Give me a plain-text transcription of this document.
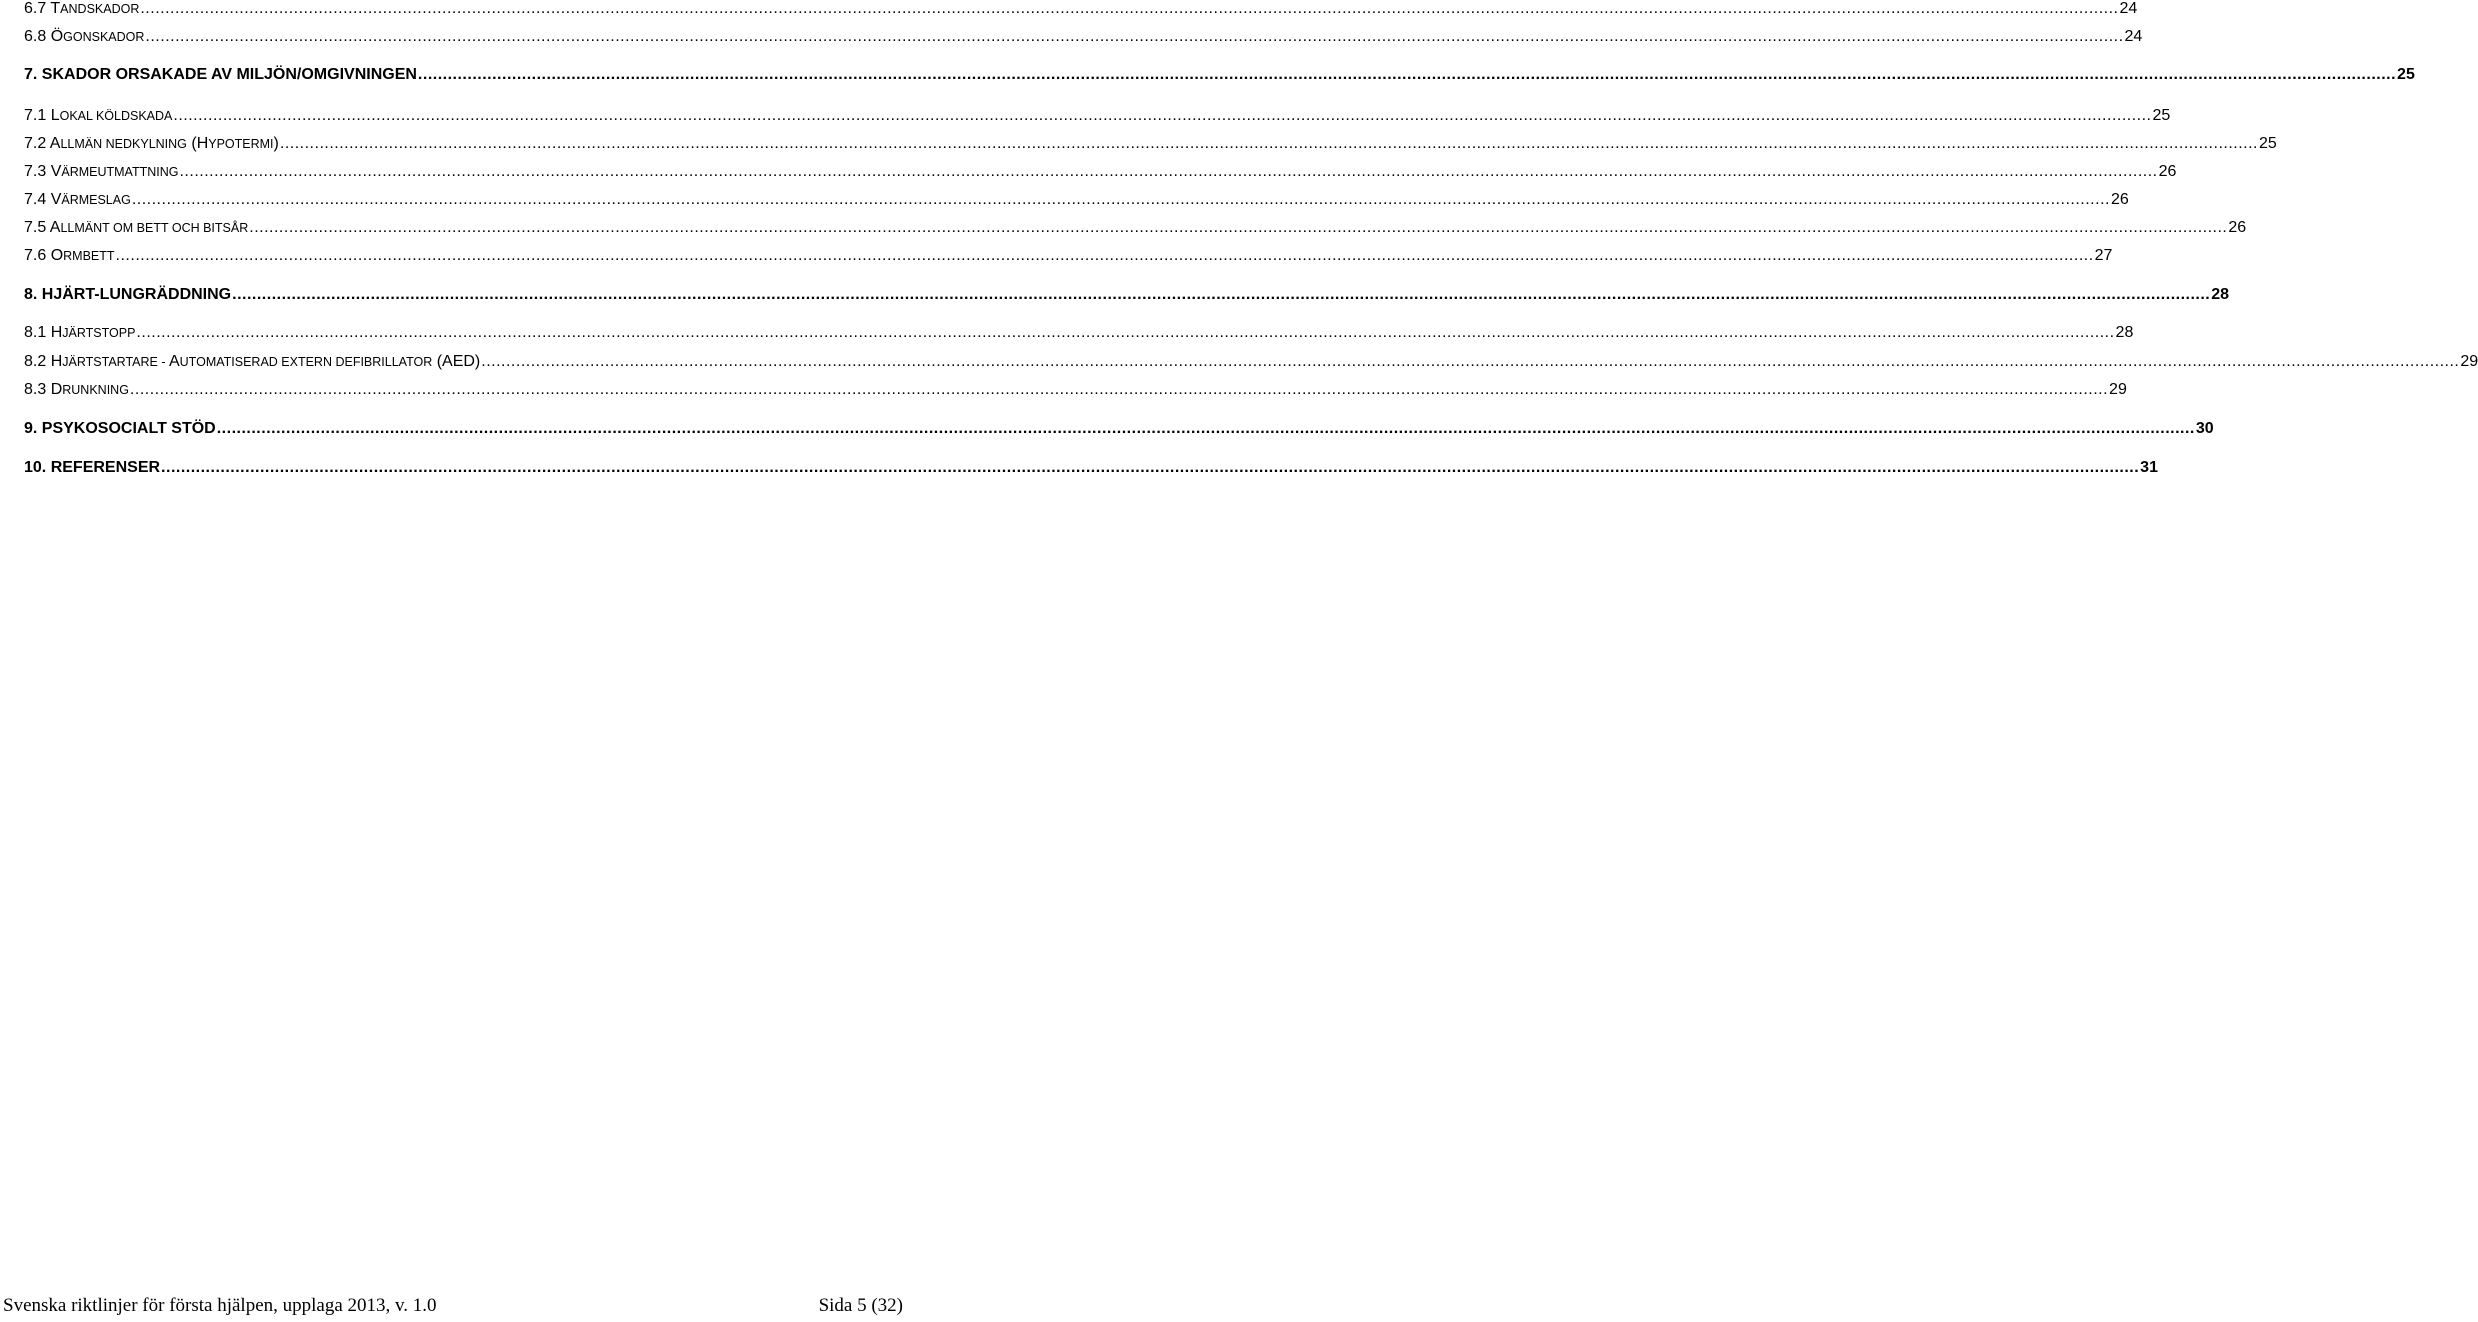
6.7 TANDSKADOR ................................................................................................................................................................................................................................................................................................................................................................................................................ 24
6.8 ÖGONSKADOR ................................................................................................................................................................................................................................................................................................................................................................................................................ 24
7. SKADOR ORSAKADE AV MILJÖN/OMGIVNINGEN ................................................................................................................................................................................................................................................................................................................................................................................................................ 25
7.1 LOKAL KÖLDSKADA ................................................................................................................................................................................................................................................................................................................................................................................................................ 25
7.2 ALLMÄN NEDKYLNING (HYPOTERMI) ................................................................................................................................................................................................................................................................................................................................................................................................................ 25
7.3 VÄRMEUTMATTNING ................................................................................................................................................................................................................................................................................................................................................................................................................ 26
7.4 VÄRMESLAG ................................................................................................................................................................................................................................................................................................................................................................................................................ 26
7.5 ALLMÄNT OM BETT OCH BITSÅR ................................................................................................................................................................................................................................................................................................................................................................................................................ 26
7.6 ORMBETT ................................................................................................................................................................................................................................................................................................................................................................................................................ 27
8. HJÄRT-LUNGRÄDDNING ................................................................................................................................................................................................................................................................................................................................................................................................................ 28
8.1 HJÄRTSTOPP ................................................................................................................................................................................................................................................................................................................................................................................................................ 28
8.2 HJÄRTSTARTARE - AUTOMATISERAD EXTERN DEFIBRILLATOR (AED) ................................................................................................................................................................................................................................................................................................................................................................................................................ 29
8.3 DRUNKNING ................................................................................................................................................................................................................................................................................................................................................................................................................ 29
9. PSYKOSOCIALT STÖD ................................................................................................................................................................................................................................................................................................................................................................................................................ 30
10. REFERENSER ................................................................................................................................................................................................................................................................................................................................................................................................................ 31
Svenska riktlinjer för första hjälpen, upplaga 2013, v. 1.0	Sida 5 (32)
